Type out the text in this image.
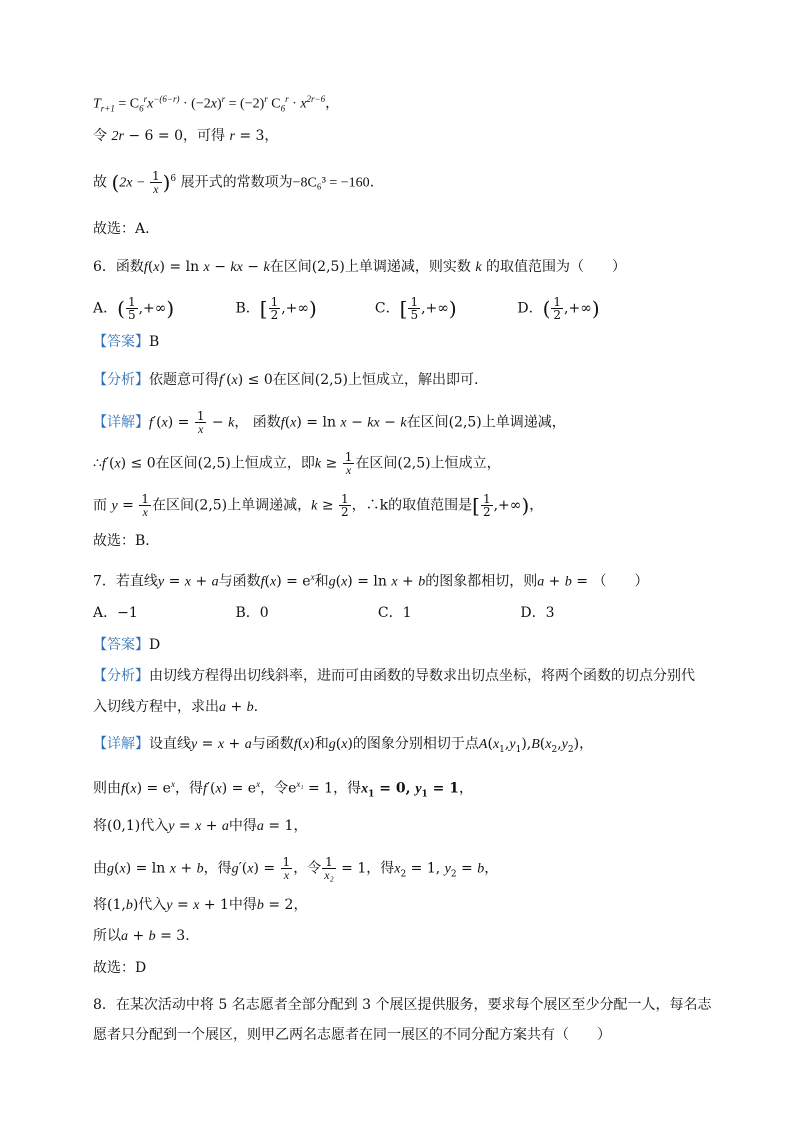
$T_{r+1} = C_6^rx^{-(6-r)} \cdot (-2x)^r = (-2)^r$ $C_6^r \cdot x^{2r-6}$，
令 2r − 6 = 0，可得 r = 3，
故 $(2x - \frac{1}{x} )^6$ 展开式的常数项为−8C₆³ = −160.
故选：A.
6．函数f(x) = ln x − kx − k在区间(2,5)上单调递减，则实数 k 的取值范围为（　　）
A．( $\frac{1}{5}$ ,+∞)	B．[ $\frac{1}{2}$ ,+∞)	C．[ $\frac{1}{5}$ ,+∞)	D．( $\frac{1}{2}$ ,+∞)
【答案】B
【分析】依题意可得f′(x) ≤ 0在区间(2,5)上恒成立，解出即可.
【详解】$f'(x) = \frac{1}{x} - k$， 函数f(x) = ln x − kx − k在区间(2,5)上单调递减，
∴f′(x) ≤ 0在区间(2,5)上恒成立，即$k \ge \frac{1}{x}$ 在区间(2,5)上恒成立，
而 $y = \frac{1}{x}$ 在区间(2,5)上单调递减，$k \ge \frac{1}{2}$ ，∴k的取值范围是[ $\frac{1}{2}$ ,+∞)，
故选：B．
7．若直线y = x + a与函数$f(x) = e^x$和g(x) = ln x + b的图象都相切，则a + b = （　　）
A．−1	B．0	C．1	D．3
【答案】D
【分析】由切线方程得出切线斜率，进而可由函数的导数求出切点坐标，将两个函数的切点分别代
入切线方程中，求出a + b.
【详解】设直线y = x + a与函数f(x)和g(x)的图象分别相切于点$A(x_1,y_1),B(x_2,y_2)$，
则由$f(x) = e^x$，得$f'(x) = e^x$，令$e^{x_1} = 1$，得$x_1 = 0$, $y_1 = 1$，
将(0,1)代入y = x + a中得a = 1，
由g(x) = ln x + b，得$g'(x) = \frac{1}{x}$ ，令 $\frac{1}{\text{x₂}} = 1$，得$x_2 = 1$, $y_2 = b$，
将(1,b)代入y = x + 1中得b = 2，
所以a + b = 3.
故选：D
8．在某次活动中将 5 名志愿者全部分配到 3 个展区提供服务，要求每个展区至少分配一人，每名志
愿者只分配到一个展区，则甲乙两名志愿者在同一展区的不同分配方案共有（　　）
